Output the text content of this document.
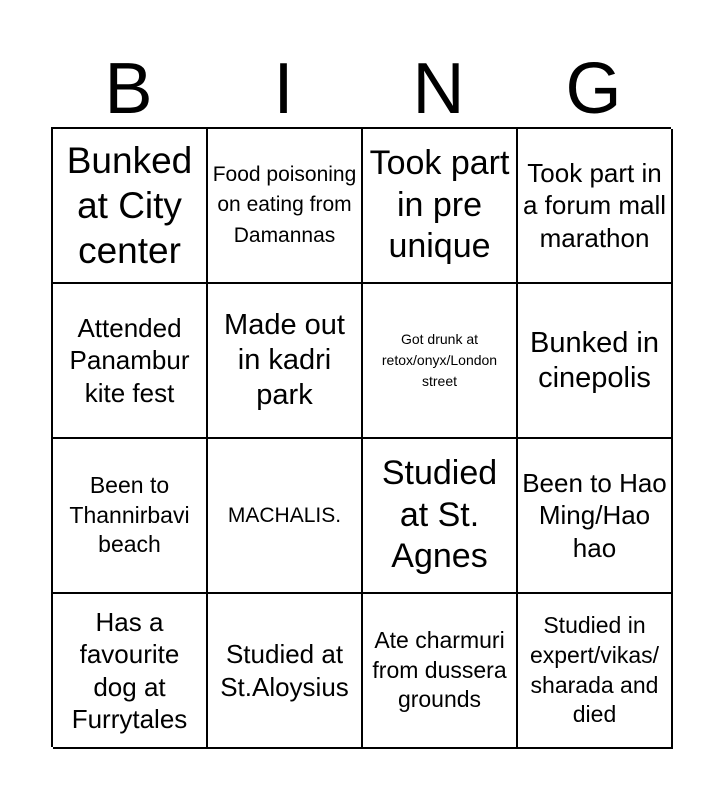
B	I	N	G
Bunked at City center
Food poisoning on eating from Damannas
Took part in pre unique
Took part in a forum mall marathon
Attended Panambur kite fest
Made out in kadri park
Got drunk at retox/onyx/London street
Bunked in cinepolis
Been to Thannirbavi beach
MACHALIS.
Studied at St. Agnes
Been to Hao Ming/Hao hao
Has a favourite dog at Furrytales
Studied at St.Aloysius
Ate charmuri from dussera grounds
Studied in expert/vikas/ sharada and died
